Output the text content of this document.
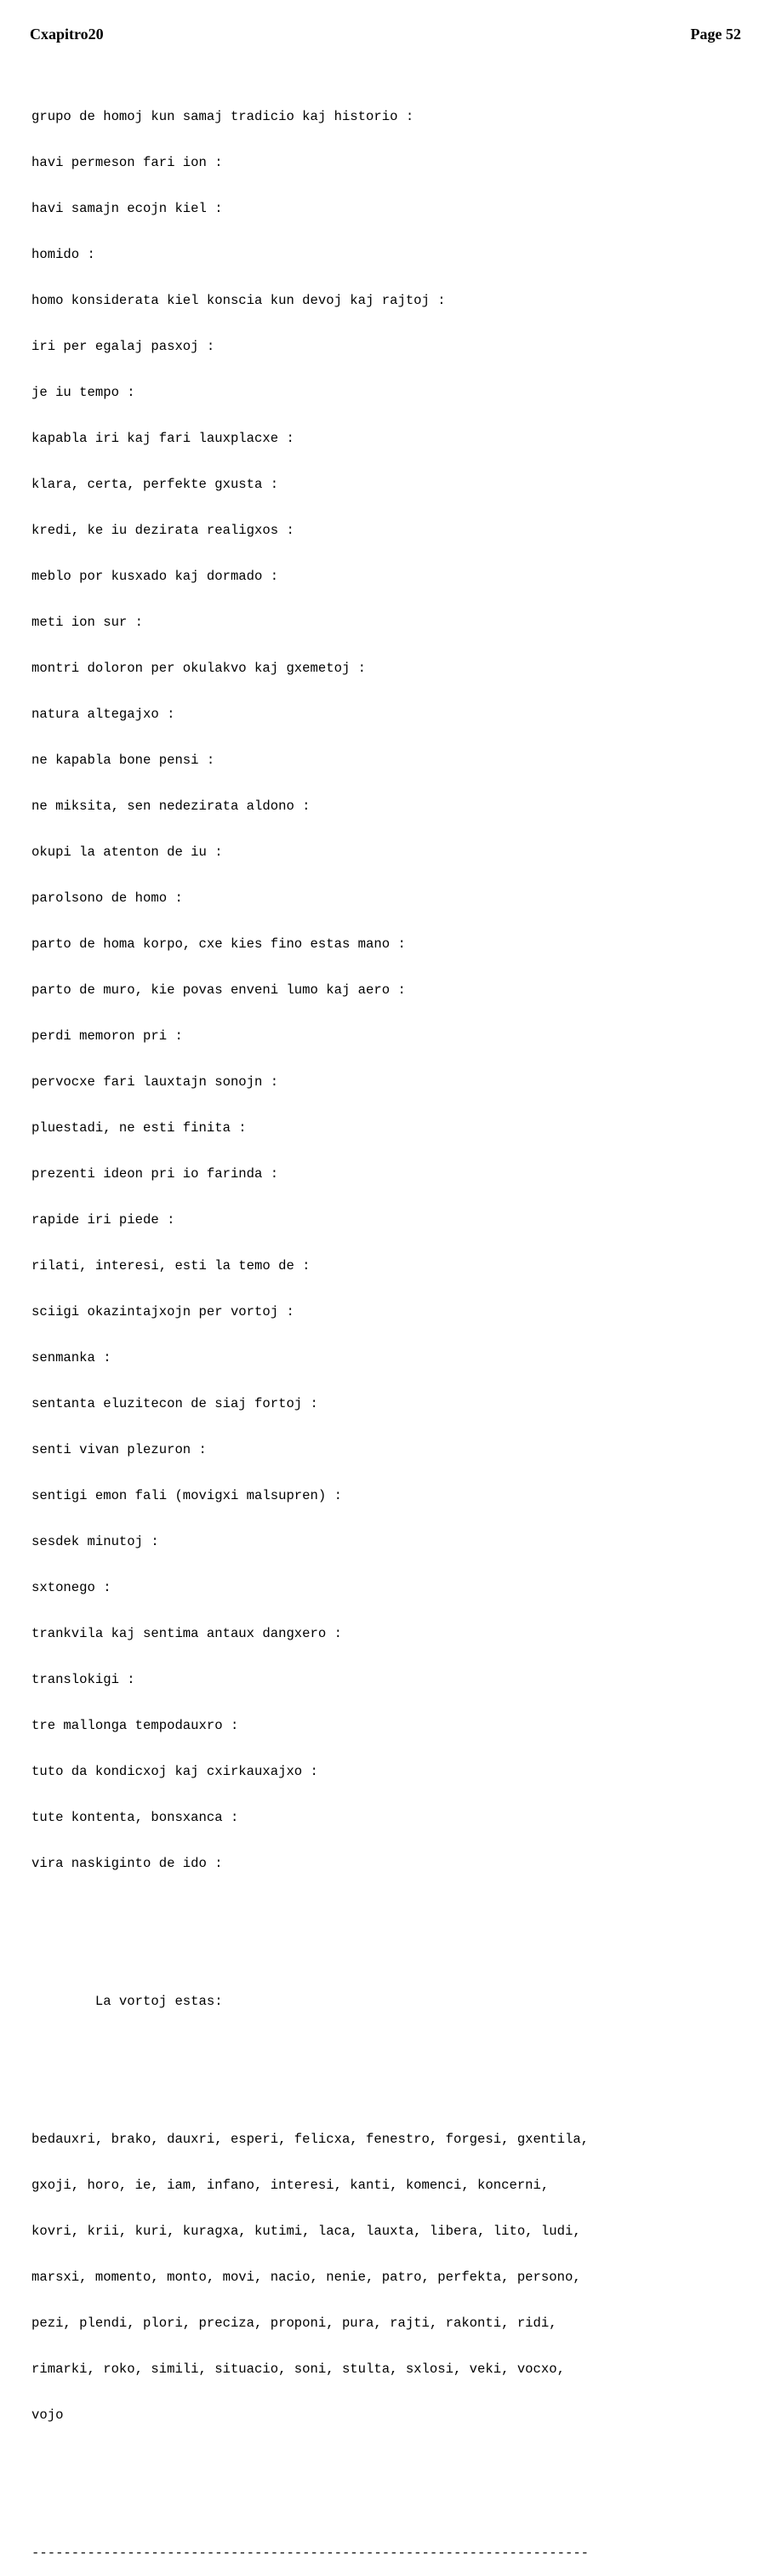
Cxapitro20	Page 52

grupo de homoj kun samaj tradicio kaj historio :

havi permeson fari ion :

havi samajn ecojn kiel :

homido :

homo konsiderata kiel konscia kun devoj kaj rajtoj :

iri per egalaj pasxoj :

je iu tempo :

kapabla iri kaj fari lauxplacxe :

klara, certa, perfekte gxusta :

kredi, ke iu dezirata realigxos :

meblo por kusxado kaj dormado :

meti ion sur :

montri doloron per okulakvo kaj gxemetoj :

natura altegajxo :

ne kapabla bone pensi :

ne miksita, sen nedezirata aldono :

okupi la atenton de iu :

parolsono de homo :

parto de homa korpo, cxe kies fino estas mano :

parto de muro, kie povas enveni lumo kaj aero :

perdi memoron pri :

pervocxe fari lauxtajn sonojn :

pluestadi, ne esti finita :

prezenti ideon pri io farinda :

rapide iri piede :

rilati, interesi, esti la temo de :

sciigi okazintajxojn per vortoj :

senmanka :

sentanta eluzitecon de siaj fortoj :

senti vivan plezuron :

sentigi emon fali (movigxi malsupren) :

sesdek minutoj :

sxtonego :

trankvila kaj sentima antaux dangxero :

translokigi :

tre mallonga tempodauxro :

tuto da kondicxoj kaj cxirkauxajxo :

tute kontenta, bonsxanca :

vira naskiginto de ido :

La vortoj estas:

bedauxri, brako, dauxri, esperi, felicxa, fenestro, forgesi, gxentila,

gxoji, horo, ie, iam, infano, interesi, kanti, komenci, koncerni,

kovri, krii, kuri, kuragxa, kutimi, laca, lauxta, libera, lito, ludi,

marsxi, momento, monto, movi, nacio, nenie, patro, perfekta, persono,

pezi, plendi, plori, preciza, proponi, pura, rajti, rakonti, ridi,

rimarki, roko, simili, situacio, soni, stulta, sxlosi, veki, vocxo,

vojo

----------------------------------------------------------------------
